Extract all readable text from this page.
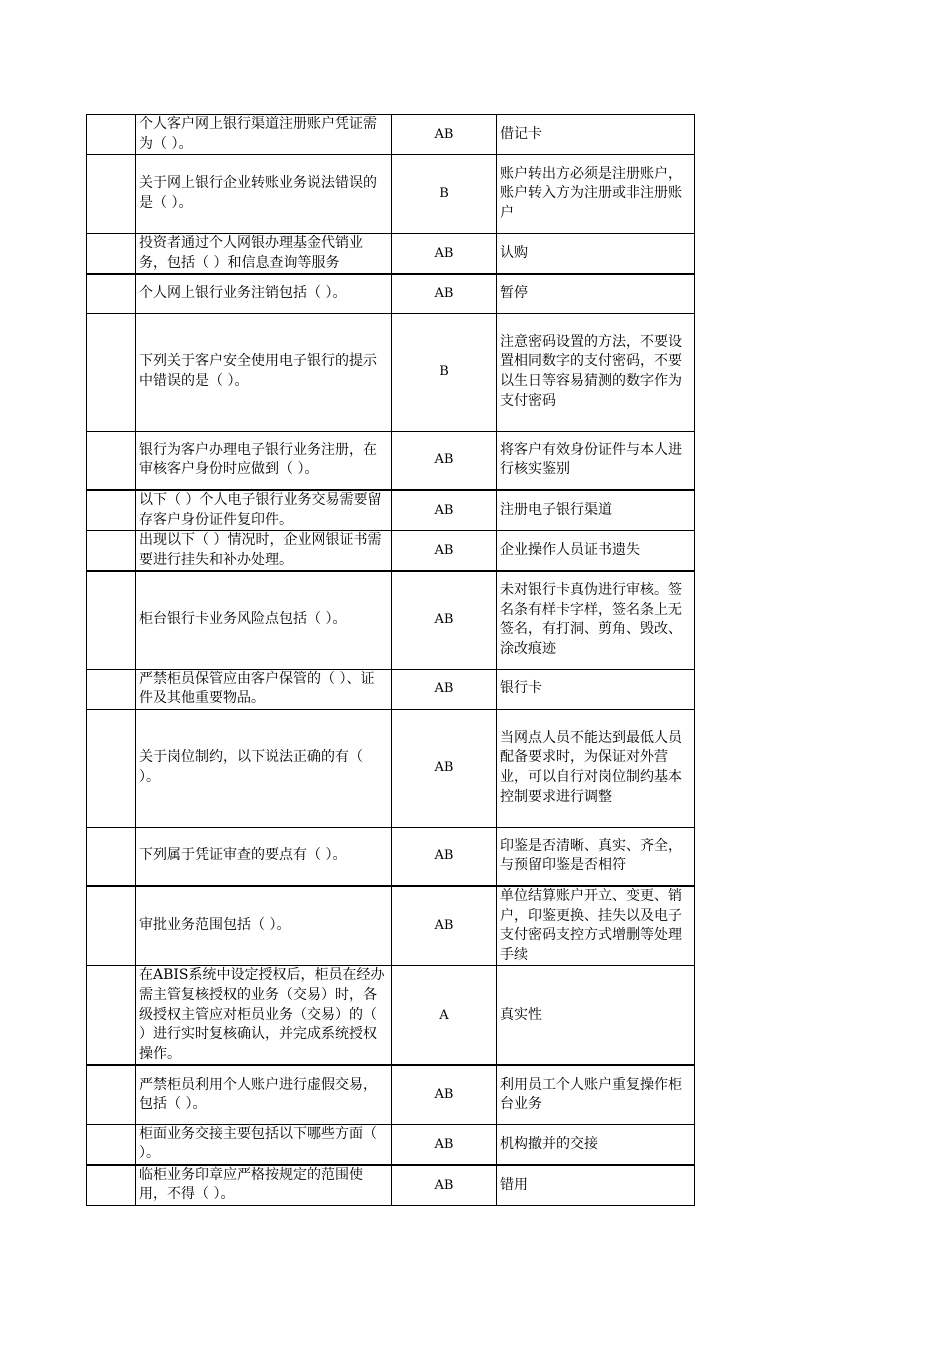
	个人客户网上银行渠道注册账户凭证需为（ ）。	AB	借记卡

	关于网上银行企业转账业务说法错误的是（ ）。	B	账户转出方必须是注册账户，账户转入方为注册或非注册账户

	投资者通过个人网银办理基金代销业务，包括（ ）和信息查询等服务	AB	认购

	个人网上银行业务注销包括（ ）。	AB	暂停

	下列关于客户安全使用电子银行的提示中错误的是（ ）。	B	注意密码设置的方法，不要设置相同数字的支付密码，不要以生日等容易猜测的数字作为支付密码

	银行为客户办理电子银行业务注册，在审核客户身份时应做到（ ）。	AB	将客户有效身份证件与本人进行核实鉴别

	以下（ ）个人电子银行业务交易需要留存客户身份证件复印件。	AB	注册电子银行渠道

	出现以下（ ）情况时，企业网银证书需要进行挂失和补办处理。	AB	企业操作人员证书遗失

	柜台银行卡业务风险点包括（ ）。	AB	未对银行卡真伪进行审核。签名条有样卡字样，签名条上无签名，有打洞、剪角、毁改、涂改痕迹

	严禁柜员保管应由客户保管的（ ）、证件及其他重要物品。	AB	银行卡

	关于岗位制约，以下说法正确的有（ ）。	AB	当网点人员不能达到最低人员配备要求时，为保证对外营业，可以自行对岗位制约基本控制要求进行调整

	下列属于凭证审查的要点有（ ）。	AB	印鉴是否清晰、真实、齐全，与预留印鉴是否相符

	审批业务范围包括（ ）。	AB	单位结算账户开立、变更、销户，印鉴更换、挂失以及电子支付密码支控方式增删等处理手续

	在ABIS系统中设定授权后，柜员在经办需主管复核授权的业务（交易）时，各级授权主管应对柜员业务（交易）的（ ）进行实时复核确认，并完成系统授权操作。	A	真实性

	严禁柜员利用个人账户进行虚假交易，包括（ ）。	AB	利用员工个人账户重复操作柜台业务

	柜面业务交接主要包括以下哪些方面（ ）。	AB	机构撤并的交接

	临柜业务印章应严格按规定的范围使用，不得（ ）。	AB	错用
